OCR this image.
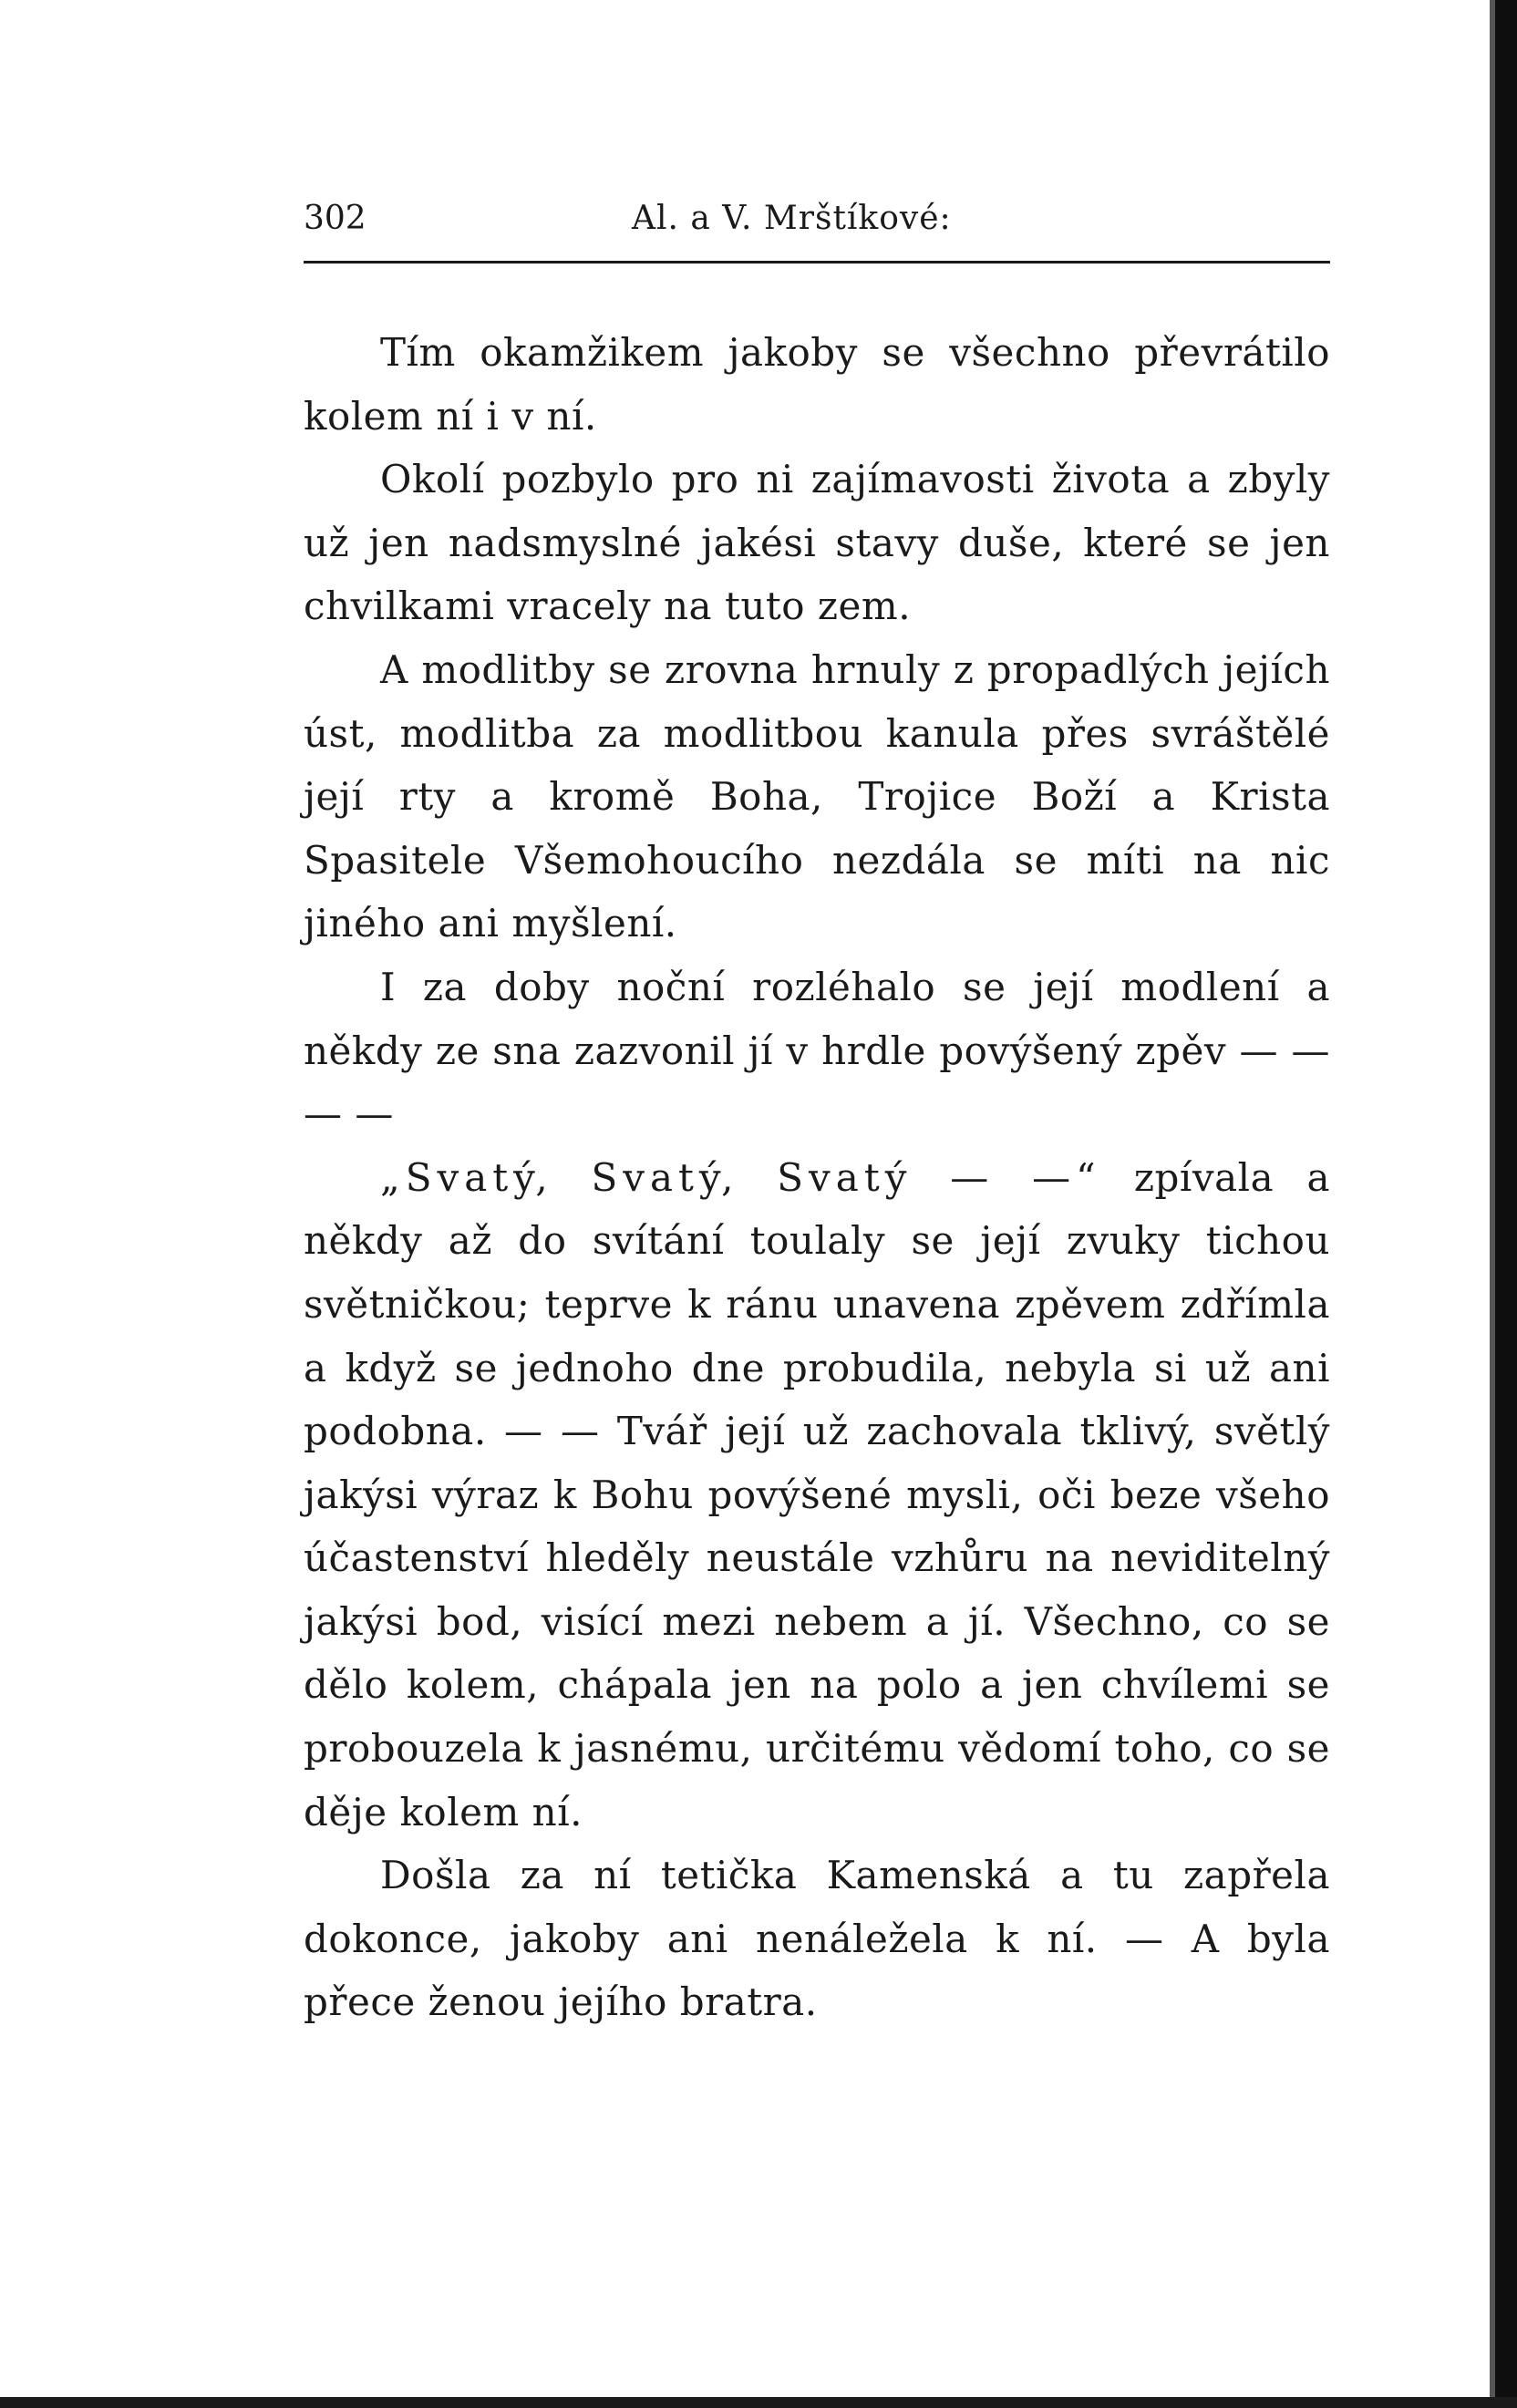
302	Al. a V. Mrštíkové:

Tím okamžikem jakoby se všechno převrátilo kolem ní i v ní.

Okolí pozbylo pro ni zajímavosti života a zbyly už jen nadsmyslné jakési stavy duše, které se jen chvilkami vracely na tuto zem.

A modlitby se zrovna hrnuly z propadlých jejích úst, modlitba za modlitbou kanula přes svráštělé její rty a kromě Boha, Trojice Boží a Krista Spasitele Všemohoucího nezdála se míti na nic jiného ani myšlení.

I za doby noční rozléhalo se její modlení a někdy ze sna zazvonil jí v hrdle povýšený zpěv — — — —

„Svatý, Svatý, Svatý — —“ zpívala a někdy až do svítání toulaly se její zvuky tichou světničkou; teprve k ránu unavena zpěvem zdřímla a když se jednoho dne probudila, nebyla si už ani podobna. — — Tvář její už zachovala tklivý, světlý jakýsi výraz k Bohu povýšené mysli, oči beze všeho účastenství hleděly neustále vzhůru na neviditelný jakýsi bod, visící mezi nebem a jí. Všechno, co se dělo kolem, chápala jen na polo a jen chvílemi se probouzela k jasnému, určitému vědomí toho, co se děje kolem ní.

Došla za ní tetička Kamenská a tu zapřela dokonce, jakoby ani nenáležela k ní. — A byla přece ženou jejího bratra.
